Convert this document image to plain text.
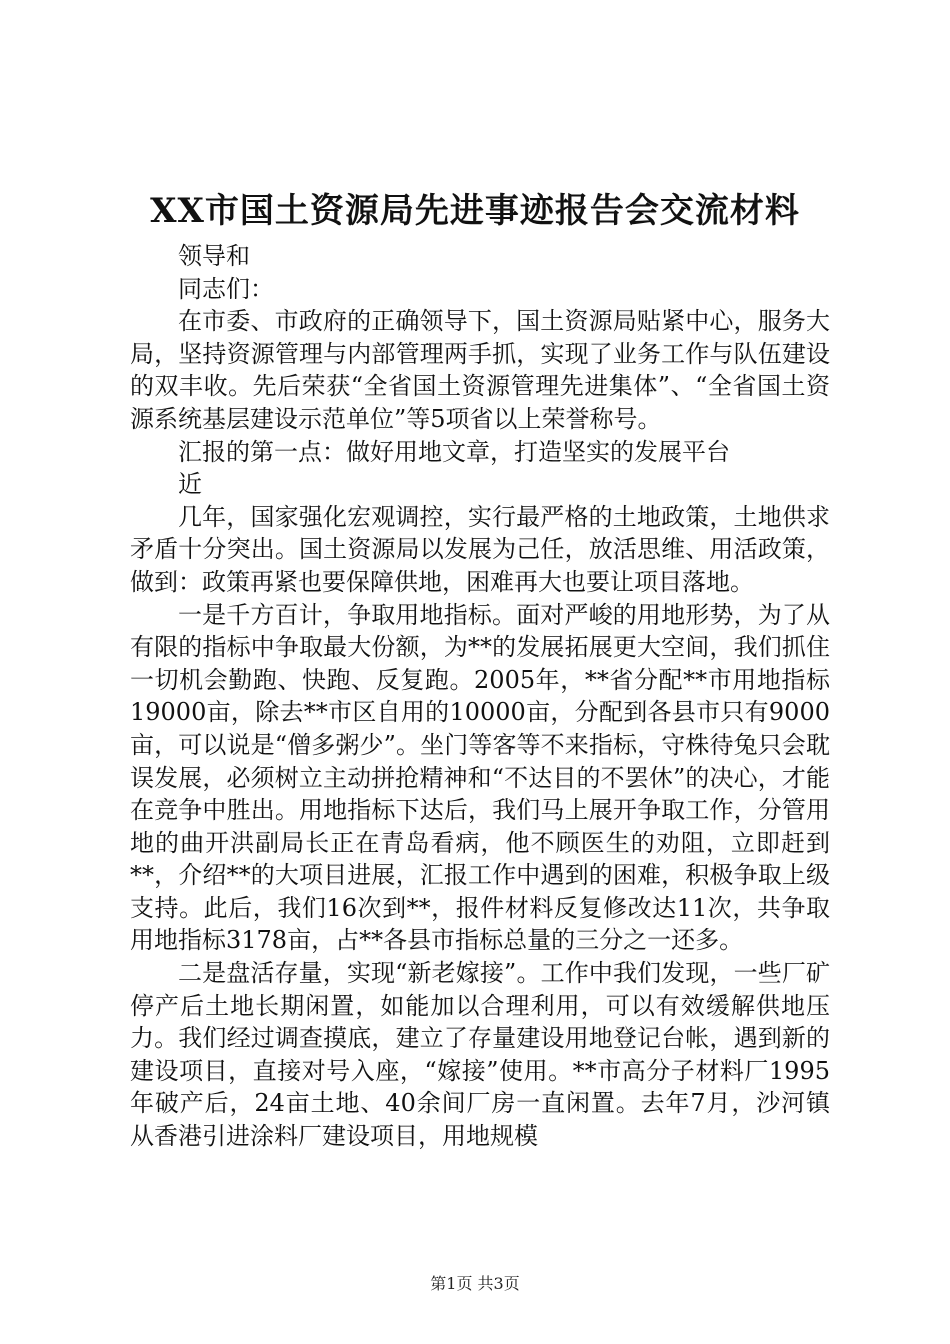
XX市国土资源局先进事迹报告会交流材料

领导和

同志们：

在市委、市政府的正确领导下，国土资源局贴紧中心，服务大局，坚持资源管理与内部管理两手抓，实现了业务工作与队伍建设的双丰收。先后荣获“全省国土资源管理先进集体”、“全省国土资源系统基层建设示范单位”等5项省以上荣誉称号。

汇报的第一点：做好用地文章，打造坚实的发展平台

近

几年，国家强化宏观调控，实行最严格的土地政策，土地供求矛盾十分突出。国土资源局以发展为己任，放活思维、用活政策，做到：政策再紧也要保障供地，困难再大也要让项目落地。

一是千方百计，争取用地指标。面对严峻的用地形势，为了从有限的指标中争取最大份额，为**的发展拓展更大空间，我们抓住一切机会勤跑、快跑、反复跑。2005年，**省分配**市用地指标19000亩，除去**市区自用的10000亩，分配到各县市只有9000亩，可以说是“僧多粥少”。坐门等客等不来指标，守株待兔只会耽误发展，必须树立主动拼抢精神和“不达目的不罢休”的决心，才能在竞争中胜出。用地指标下达后，我们马上展开争取工作，分管用地的曲开洪副局长正在青岛看病，他不顾医生的劝阻，立即赶到**，介绍**的大项目进展，汇报工作中遇到的困难，积极争取上级支持。此后，我们16次到**，报件材料反复修改达11次，共争取用地指标3178亩，占**各县市指标总量的三分之一还多。

二是盘活存量，实现“新老嫁接”。工作中我们发现，一些厂矿停产后土地长期闲置，如能加以合理利用，可以有效缓解供地压力。我们经过调查摸底，建立了存量建设用地登记台帐，遇到新的建设项目，直接对号入座，“嫁接”使用。**市高分子材料厂1995年破产后，24亩土地、40余间厂房一直闲置。去年7月，沙河镇从香港引进涂料厂建设项目，用地规模

第1页 共3页
